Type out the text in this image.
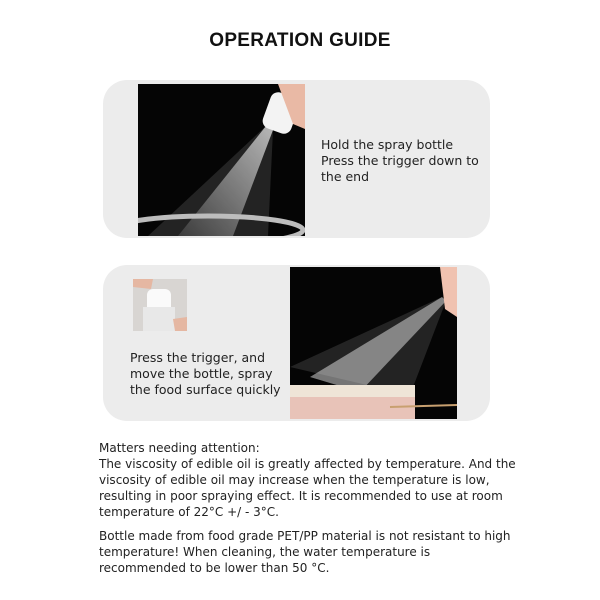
OPERATION GUIDE
Hold the spray bottle
Press the trigger down to the end
Press the trigger, and move the bottle, spray the food surface quickly
Matters needing attention:

The viscosity of edible oil is greatly affected by temperature. And the viscosity of edible oil may increase when the temperature is low, resulting in poor spraying effect. It is recommended to use at room temperature of 22°C +/ - 3°C.

Bottle made from food grade PET/PP material is not resistant to high temperature! When cleaning, the water temperature is recommended to be lower than 50 °C.
